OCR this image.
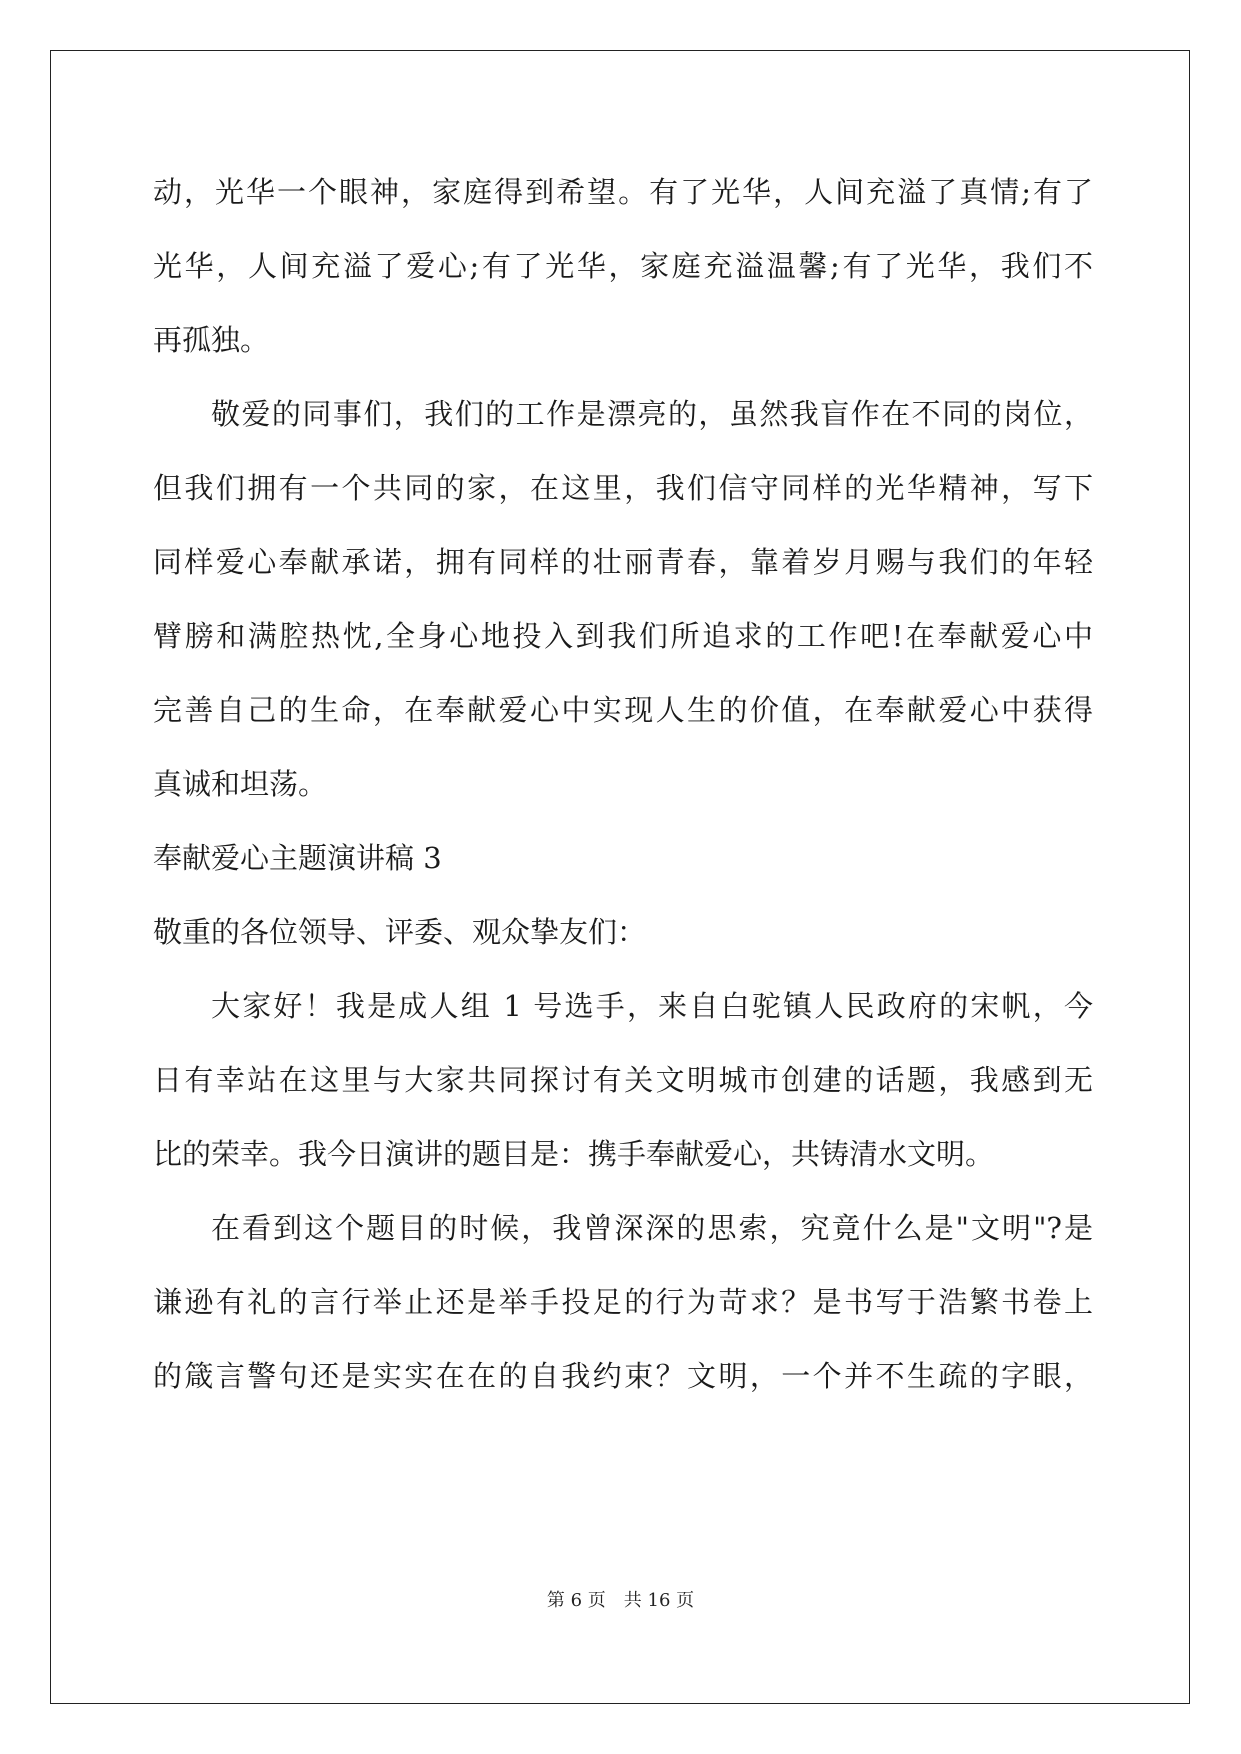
动，光华一个眼神，家庭得到希望。有了光华，人间充溢了真情;有了
光华，人间充溢了爱心;有了光华，家庭充溢温馨;有了光华，我们不
再孤独。
敬爱的同事们，我们的工作是漂亮的，虽然我盲作在不同的岗位，
但我们拥有一个共同的家，在这里，我们信守同样的光华精神，写下
同样爱心奉献承诺，拥有同样的壮丽青春，靠着岁月赐与我们的年轻
臂膀和满腔热忱,全身心地投入到我们所追求的工作吧!在奉献爱心中
完善自己的生命，在奉献爱心中实现人生的价值，在奉献爱心中获得
真诚和坦荡。
奉献爱心主题演讲稿 3
敬重的各位领导、评委、观众挚友们：
大家好！我是成人组 1 号选手，来自白驼镇人民政府的宋帆，今
日有幸站在这里与大家共同探讨有关文明城市创建的话题，我感到无
比的荣幸。我今日演讲的题目是：携手奉献爱心，共铸清水文明。
在看到这个题目的时候，我曾深深的思索，究竟什么是"文明"?是
谦逊有礼的言行举止还是举手投足的行为苛求？是书写于浩繁书卷上
的箴言警句还是实实在在的自我约束？文明，一个并不生疏的字眼，
第 6 页　共 16 页
